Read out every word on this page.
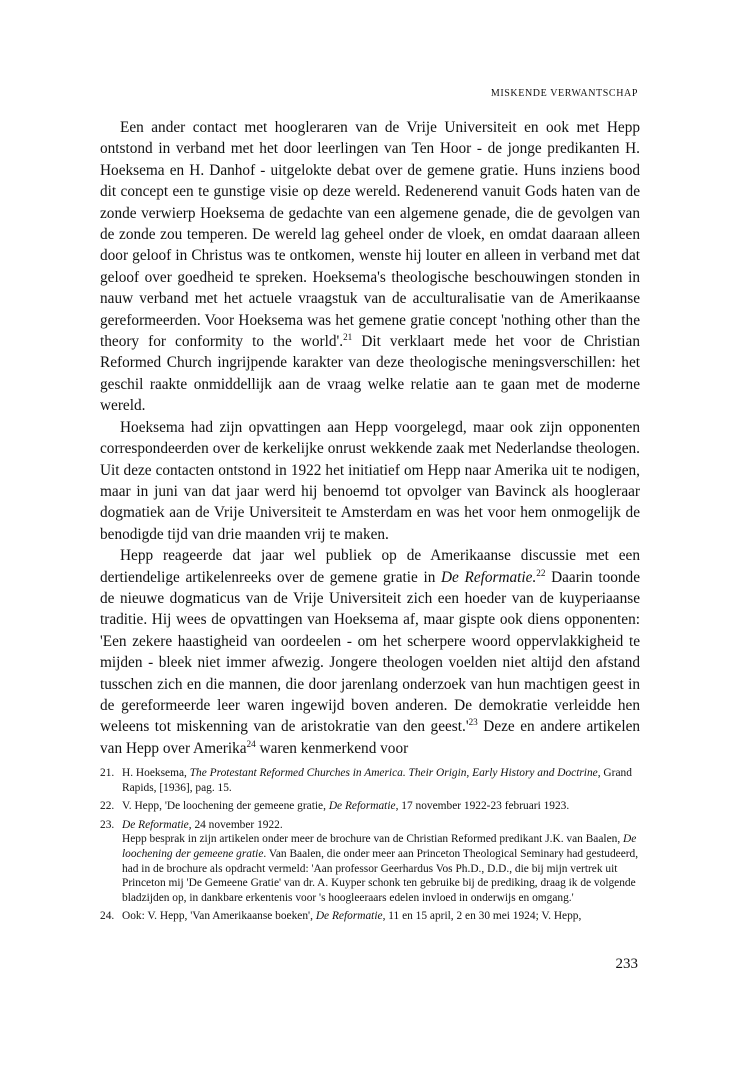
MISKENDE VERWANTSCHAP

Een ander contact met hoogleraren van de Vrije Universiteit en ook met Hepp ontstond in verband met het door leerlingen van Ten Hoor - de jonge predikanten H. Hoeksema en H. Danhof - uitgelokte debat over de gemene gratie. Huns inziens bood dit concept een te gunstige visie op deze wereld. Redenerend vanuit Gods haten van de zonde verwierp Hoeksema de gedachte van een algemene genade, die de gevolgen van de zonde zou temperen. De wereld lag geheel onder de vloek, en omdat daaraan alleen door geloof in Christus was te ontkomen, wenste hij louter en alleen in verband met dat geloof over goedheid te spreken. Hoeksema's theologische beschouwingen stonden in nauw verband met het actuele vraagstuk van de acculturalisatie van de Amerikaanse gereformeerden. Voor Hoeksema was het gemene gratie concept 'nothing other than the theory for conformity to the world'.$^{21}$ Dit verklaart mede het voor de Christian Reformed Church ingrijpende karakter van deze theologische meningsverschillen: het geschil raakte onmiddellijk aan de vraag welke relatie aan te gaan met de moderne wereld.

Hoeksema had zijn opvattingen aan Hepp voorgelegd, maar ook zijn opponenten correspondeerden over de kerkelijke onrust wekkende zaak met Nederlandse theologen. Uit deze contacten ontstond in 1922 het initiatief om Hepp naar Amerika uit te nodigen, maar in juni van dat jaar werd hij benoemd tot opvolger van Bavinck als hoogleraar dogmatiek aan de Vrije Universiteit te Amsterdam en was het voor hem onmogelijk de benodigde tijd van drie maanden vrij te maken.

Hepp reageerde dat jaar wel publiek op de Amerikaanse discussie met een dertiendelige artikelenreeks over de gemene gratie in De Reformatie.$^{22}$ Daarin toonde de nieuwe dogmaticus van de Vrije Universiteit zich een hoeder van de kuyperiaanse traditie. Hij wees de opvattingen van Hoeksema af, maar gispte ook diens opponenten: 'Een zekere haastigheid van oordeelen - om het scherpere woord oppervlakkigheid te mijden - bleek niet immer afwezig. Jongere theologen voelden niet altijd den afstand tusschen zich en die mannen, die door jarenlang onderzoek van hun machtigen geest in de gereformeerde leer waren ingewijd boven anderen. De demokratie verleidde hen weleens tot miskenning van de aristokratie van den $geest.'^{23}$ Deze en andere artikelen van Hepp over Amerika$^{24}$ waren kenmerkend voor

21. H. Hoeksema, The Protestant Reformed Churches in America. Their Origin, Early History and Doctrine, Grand Rapids, [1936], pag. 15.
22. V. Hepp, 'De loochening der gemeene gratie, De Reformatie, 17 november 1922-23 februari 1923.
23. De Reformatie, 24 november 1922.

Hepp besprak in zijn artikelen onder meer de brochure van de Christian Reformed predikant J.K. van Baalen, De loochening der gemeene gratie. Van Baalen, die onder meer aan Princeton Theological Seminary had gestudeerd, had in de brochure als opdracht vermeld: 'Aan professor Geerhardus Vos Ph.D., D.D., die bij mijn vertrek uit Princeton mij 'De Gemeene Gratie' van dr. A. Kuyper schonk ten gebruike bij de prediking, draag ik de volgende bladzijden op, in dankbare erkentenis voor 's hoogleeraars edelen invloed in onderwijs en omgang.'

24. Ook: V. Hepp, 'Van Amerikaanse boeken', De Reformatie, 11 en 15 april, 2 en 30 mei 1924; V. Hepp,
233
